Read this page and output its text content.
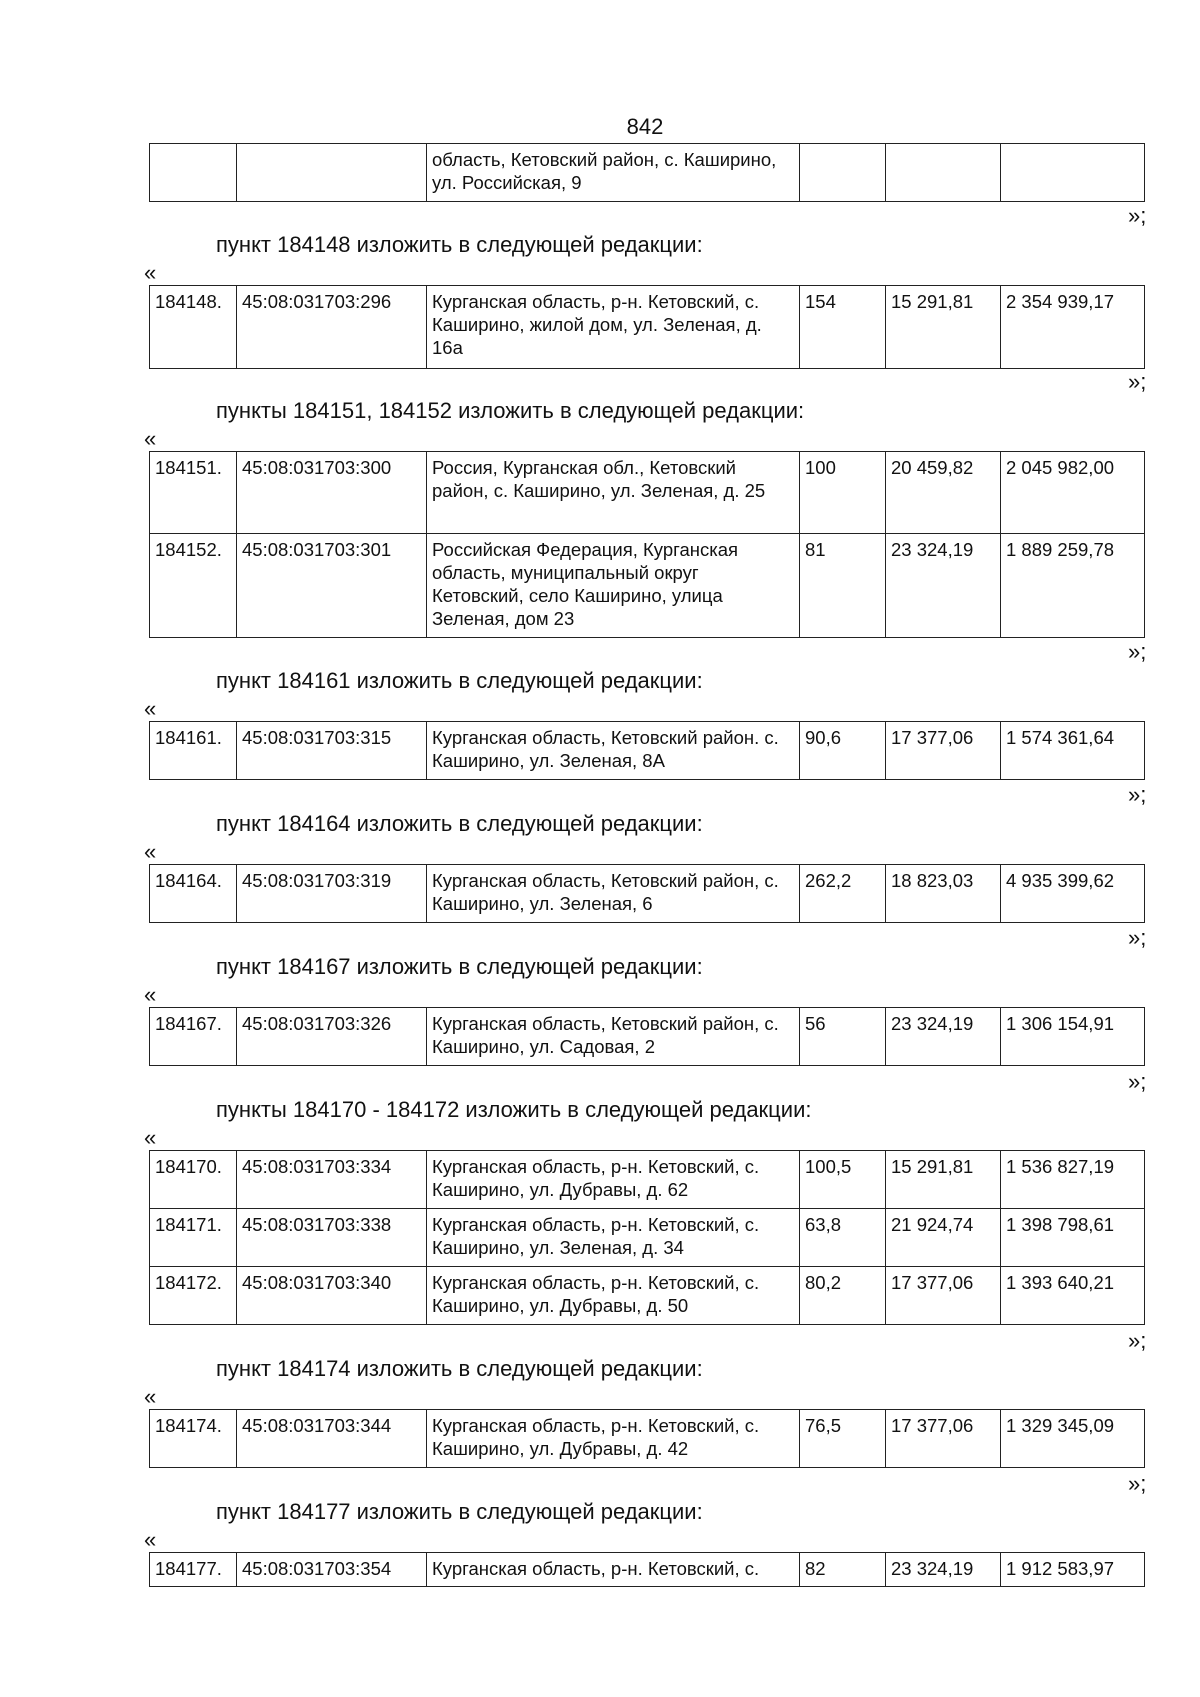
842
		область, Кетовский район, с. Каширино, ул. Российская, 9			
»;
пункт 184148 изложить в следующей редакции:
«
184148.	45:08:031703:296	Курганская область, р-н. Кетовский, с. Каширино, жилой дом, ул. Зеленая, д. 16а	154	15 291,81	2 354 939,17
»;
пункты 184151, 184152 изложить в следующей редакции:
«
184151.	45:08:031703:300	Россия, Курганская обл., Кетовский район, с. Каширино, ул. Зеленая, д. 25	100	20 459,82	2 045 982,00
184152.	45:08:031703:301	Российская Федерация, Курганская область, муниципальный округ Кетовский, село Каширино, улица Зеленая, дом 23	81	23 324,19	1 889 259,78
»;
пункт 184161 изложить в следующей редакции:
«
184161.	45:08:031703:315	Курганская область, Кетовский район. с. Каширино, ул. Зеленая, 8А	90,6	17 377,06	1 574 361,64
»;
пункт 184164 изложить в следующей редакции:
«
184164.	45:08:031703:319	Курганская область, Кетовский район, с. Каширино, ул. Зеленая, 6	262,2	18 823,03	4 935 399,62
»;
пункт 184167 изложить в следующей редакции:
«
184167.	45:08:031703:326	Курганская область, Кетовский район, с. Каширино, ул. Садовая, 2	56	23 324,19	1 306 154,91
»;
пункты 184170 - 184172 изложить в следующей редакции:
«
184170.	45:08:031703:334	Курганская область, р-н. Кетовский, с. Каширино, ул. Дубравы, д. 62	100,5	15 291,81	1 536 827,19
184171.	45:08:031703:338	Курганская область, р-н. Кетовский, с. Каширино, ул. Зеленая, д. 34	63,8	21 924,74	1 398 798,61
184172.	45:08:031703:340	Курганская область, р-н. Кетовский, с. Каширино, ул. Дубравы, д. 50	80,2	17 377,06	1 393 640,21
»;
пункт 184174 изложить в следующей редакции:
«
184174.	45:08:031703:344	Курганская область, р-н. Кетовский, с. Каширино, ул. Дубравы, д. 42	76,5	17 377,06	1 329 345,09
»;
пункт 184177 изложить в следующей редакции:
«
184177.	45:08:031703:354	Курганская область, р-н. Кетовский, с.	82	23 324,19	1 912 583,97
